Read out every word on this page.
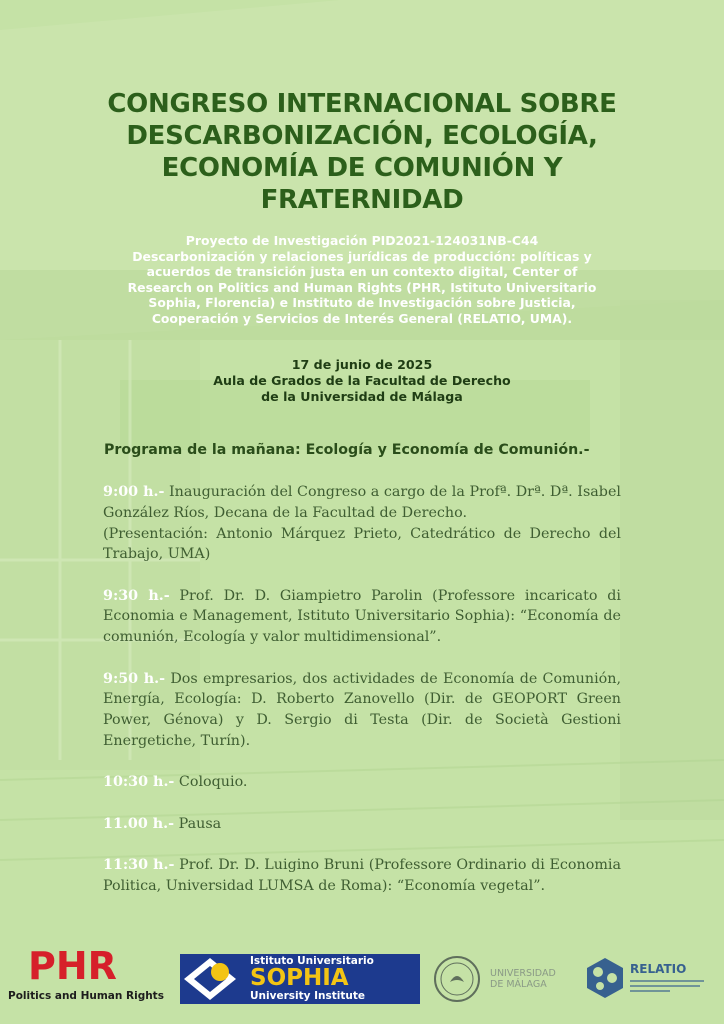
CONGRESO INTERNACIONAL SOBRE
DESCARBONIZACIÓN, ECOLOGÍA,
ECONOMÍA DE COMUNIÓN Y
FRATERNIDAD
Proyecto de Investigación PID2021-124031NB-C44
Descarbonización y relaciones jurídicas de producción: políticas y
acuerdos de transición justa en un contexto digital, Center of
Research on Politics and Human Rights (PHR, Istituto Universitario
Sophia, Florencia) e Instituto de Investigación sobre Justicia,
Cooperación y Servicios de Interés General (RELATIO, UMA).
17 de junio de 2025
Aula de Grados de la Facultad de Derecho
de la Universidad de Málaga
Programa de la mañana: Ecología y Economía de Comunión.-
9:00 h.- Inauguración del Congreso a cargo de la Profª. Drª. Dª. Isabel González Ríos, Decana de la Facultad de Derecho.
(Presentación: Antonio Márquez Prieto, Catedrático de Derecho del Trabajo, UMA)
9:30 h.- Prof. Dr. D. Giampietro Parolin (Professore incaricato di Economia e Management, Istituto Universitario Sophia): “Economía de comunión, Ecología y valor multidimensional”.
9:50 h.- Dos empresarios, dos actividades de Economía de Comunión, Energía, Ecología: D. Roberto Zanovello (Dir. de GEOPORT Green Power, Génova) y D. Sergio di Testa (Dir. de Società Gestioni Energetiche, Turín).
10:30 h.- Coloquio.
11.00 h.- Pausa
11:30 h.- Prof. Dr. D. Luigino Bruni (Professore Ordinario di Economia Politica, Universidad LUMSA de Roma): “Economía vegetal”.
PHR
Politics and Human Rights
Istituto Universitario
SOPHIA
University Institute
UNIVERSIDAD
DE MÁLAGA
RELATIO
